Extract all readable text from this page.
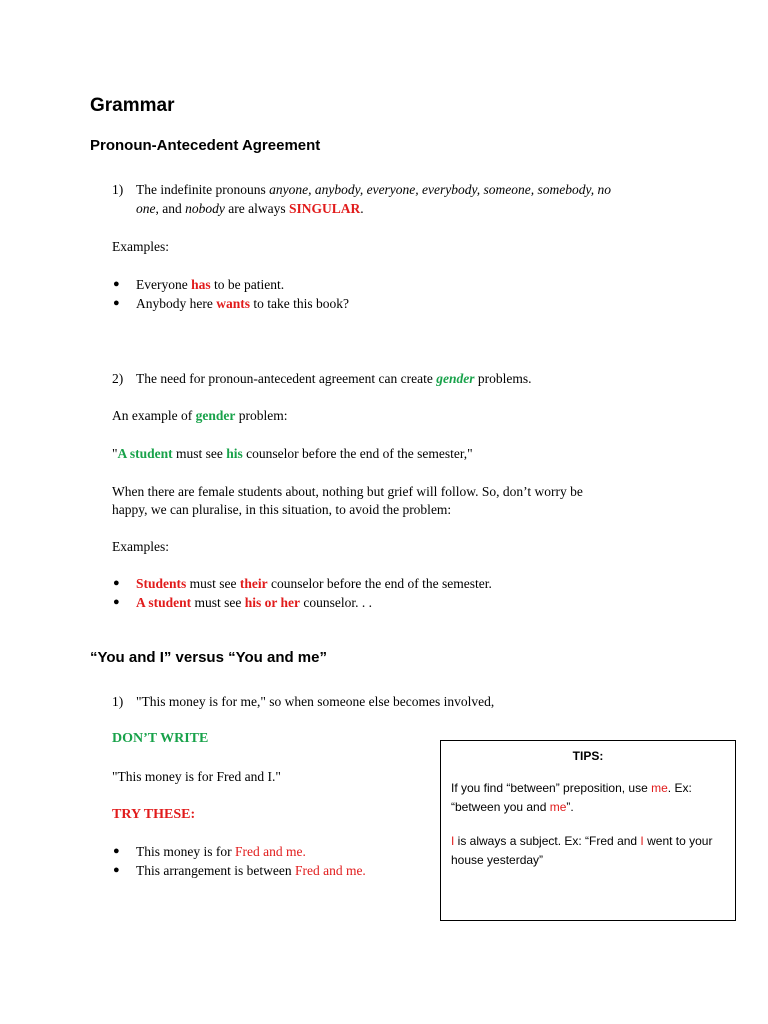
Grammar
Pronoun-Antecedent Agreement
1) The indefinite pronouns anyone, anybody, everyone, everybody, someone, somebody, no
one, and nobody are always SINGULAR.
Examples:
● Everyone has to be patient.
● Anybody here wants to take this book?
2) The need for pronoun-antecedent agreement can create gender problems.
An example of gender problem:
"A student must see his counselor before the end of the semester,"
When there are female students about, nothing but grief will follow. So, don’t worry be
happy, we can pluralise, in this situation, to avoid the problem:
Examples:
● Students must see their counselor before the end of the semester.
● A student must see his or her counselor. . .
“You and I” versus “You and me”
1) "This money is for me," so when someone else becomes involved,
DON’T WRITE
"This money is for Fred and I."
TRY THESE:
● This money is for Fred and me.
● This arrangement is between Fred and me.
TIPS:
If you find “between” preposition, use me. Ex:
“between you and me”.
I is always a subject. Ex: “Fred and I went to your
house yesterday”
